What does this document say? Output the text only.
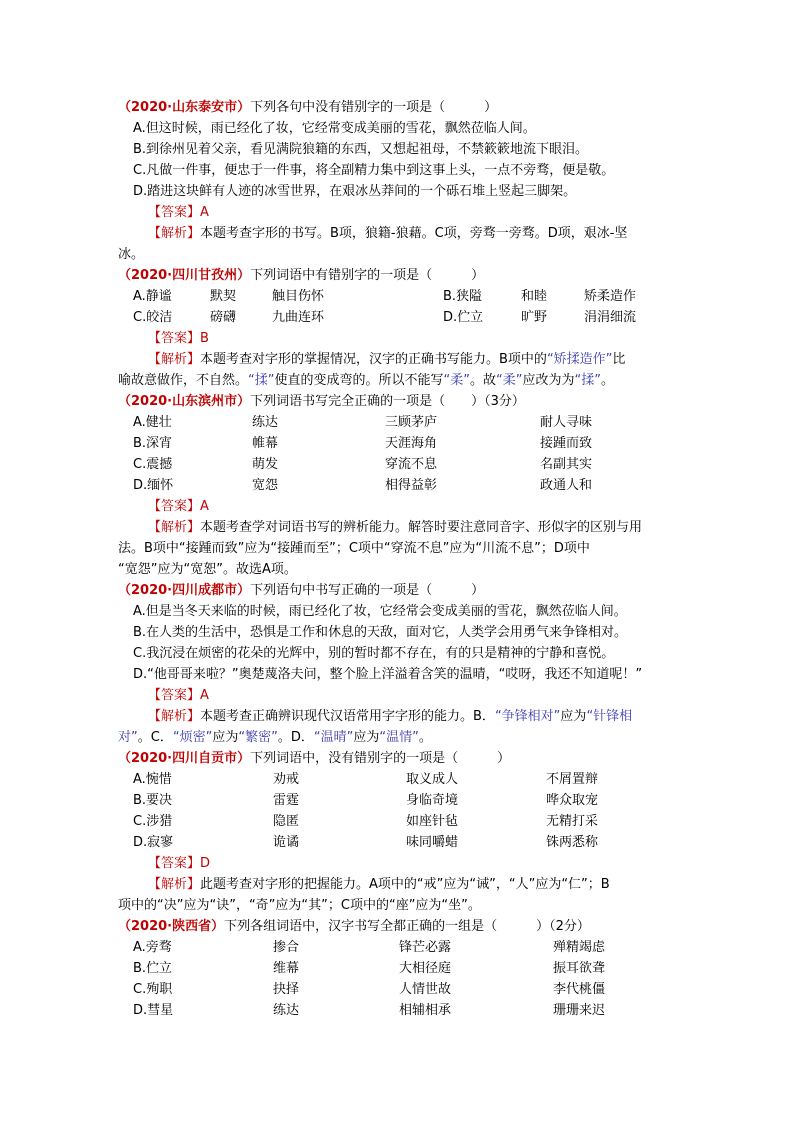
（2020·山东泰安市）下列各句中没有错别字的一项是（　　　）
A.但这时候，雨已经化了妆，它经常变成美丽的雪花，飘然莅临人间。
B.到徐州见着父亲，看见满院狼籍的东西，又想起祖母，不禁簌簌地流下眼泪。
C.凡做一件事，便忠于一件事，将全副精力集中到这事上头，一点不旁骛，便是敬。
D.踏进这块鲜有人迹的冰雪世界，在艰冰丛莽间的一个砾石堆上竖起三脚架。
【答案】A
【解析】本题考查字形的书写。B项，狼籍-狼藉。C项，旁骛一旁骛。D项，艰冰-坚
冰。
（2020·四川甘孜州）下列词语中有错别字的一项是（　　　）
A.静谧	默契	触目伤怀	B.狭隘	和睦	矫柔造作
C.皎洁	磅礴	九曲连环	D.伫立	旷野	涓涓细流
【答案】B
【解析】本题考查对字形的掌握情况，汉字的正确书写能力。B项中的“矫揉造作”比
喻故意做作，不自然。“揉”使直的变成弯的。所以不能写“柔”。故“柔”应改为为“揉”。
（2020·山东滨州市）下列词语书写完全正确的一项是（　　）（3分）
A.健壮	练达	三顾茅庐	耐人寻味
B.深宵	帷幕	天涯海角	接踵而致
C.震撼	萌发	穿流不息	名副其实
D.缅怀	宽怨	相得益彰	政通人和
【答案】A
【解析】本题考查学对词语书写的辨析能力。解答时要注意同音字、形似字的区别与用
法。B项中“接踵而致”应为“接踵而至”；C项中“穿流不息”应为“川流不息”；D项中
“宽怨”应为“宽恕”。故选A项。
（2020·四川成都市）下列语句中书写正确的一项是（　　　）
A.但是当冬天来临的时候，雨已经化了妆，它经常会变成美丽的雪花，飘然莅临人间。
B.在人类的生活中，恐惧是工作和休息的天敌，面对它，人类学会用勇气来争锋相对。
C.我沉浸在烦密的花朵的光辉中，别的暂时都不存在，有的只是精神的宁静和喜悦。
D.“他哥哥来啦？”奥楚蔑洛夫问，整个脸上洋溢着含笑的温晴，“哎呀，我还不知道呢！”
【答案】A
【解析】本题考查正确辨识现代汉语常用字字形的能力。B．“争锋相对”应为“针锋相
对”。C．“烦密”应为“繁密”。D．“温晴”应为“温情”。
（2020·四川自贡市）下列词语中，没有错别字的一项是（　　　）
A.惋惜	劝戒	取义成人	不屑置辩
B.要决	雷霆	身临奇境	哗众取宠
C.涉猎	隐匿	如座针毡	无精打采
D.寂寥	诡谲	味同嚼蜡	铢两悉称
【答案】D
【解析】此题考查对字形的把握能力。A项中的“戒”应为“诫”，“人”应为“仁”；B
项中的“决”应为“诀”，“奇”应为“其”；C项中的“座”应为“坐”。
（2020·陕西省）下列各组词语中，汉字书写全都正确的一组是（　　　）（2分）
A.旁骛	掺合	锋芒必露	殚精竭虑
B.伫立	维幕	大相径庭	振耳欲聋
C.殉职	抉择	人情世故	李代桃僵
D.彗星	练达	相辅相承	珊珊来迟
